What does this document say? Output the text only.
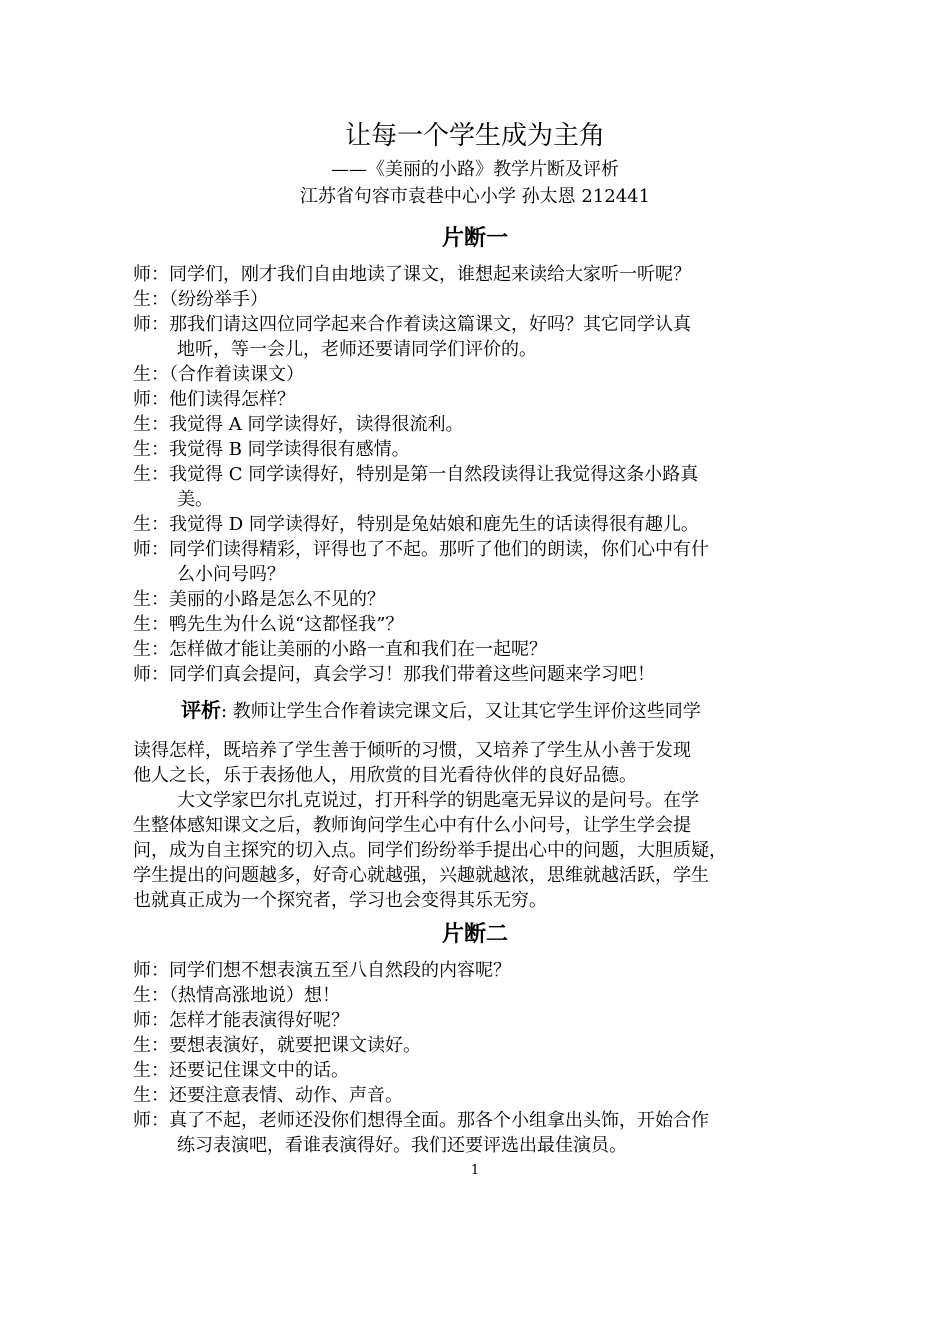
让每一个学生成为主角
——《美丽的小路》教学片断及评析
江苏省句容市袁巷中心小学 孙太恩 212441
片断一
师：同学们，刚才我们自由地读了课文，谁想起来读给大家听一听呢？
生：（纷纷举手）
师：那我们请这四位同学起来合作着读这篇课文，好吗？其它同学认真
地听，等一会儿，老师还要请同学们评价的。
生：（合作着读课文）
师：他们读得怎样？
生：我觉得 A 同学读得好，读得很流利。
生：我觉得 B 同学读得很有感情。
生：我觉得 C 同学读得好，特别是第一自然段读得让我觉得这条小路真
美。
生：我觉得 D 同学读得好，特别是兔姑娘和鹿先生的话读得很有趣儿。
师：同学们读得精彩，评得也了不起。那听了他们的朗读，你们心中有什
么小问号吗？
生：美丽的小路是怎么不见的？
生：鸭先生为什么说“这都怪我”？
生：怎样做才能让美丽的小路一直和我们在一起呢？
师：同学们真会提问，真会学习！那我们带着这些问题来学习吧！
评析: 教师让学生合作着读完课文后，又让其它学生评价这些同学
读得怎样，既培养了学生善于倾听的习惯，又培养了学生从小善于发现
他人之长，乐于表扬他人，用欣赏的目光看待伙伴的良好品德。
大文学家巴尔扎克说过，打开科学的钥匙毫无异议的是问号。在学
生整体感知课文之后，教师询问学生心中有什么小问号，让学生学会提
问，成为自主探究的切入点。同学们纷纷举手提出心中的问题，大胆质疑，
学生提出的问题越多，好奇心就越强，兴趣就越浓，思维就越活跃，学生
也就真正成为一个探究者，学习也会变得其乐无穷。
片断二
师：同学们想不想表演五至八自然段的内容呢？
生：（热情高涨地说）想！
师：怎样才能表演得好呢？
生：要想表演好，就要把课文读好。
生：还要记住课文中的话。
生：还要注意表情、动作、声音。
师：真了不起，老师还没你们想得全面。那各个小组拿出头饰，开始合作
练习表演吧，看谁表演得好。我们还要评选出最佳演员。
1
